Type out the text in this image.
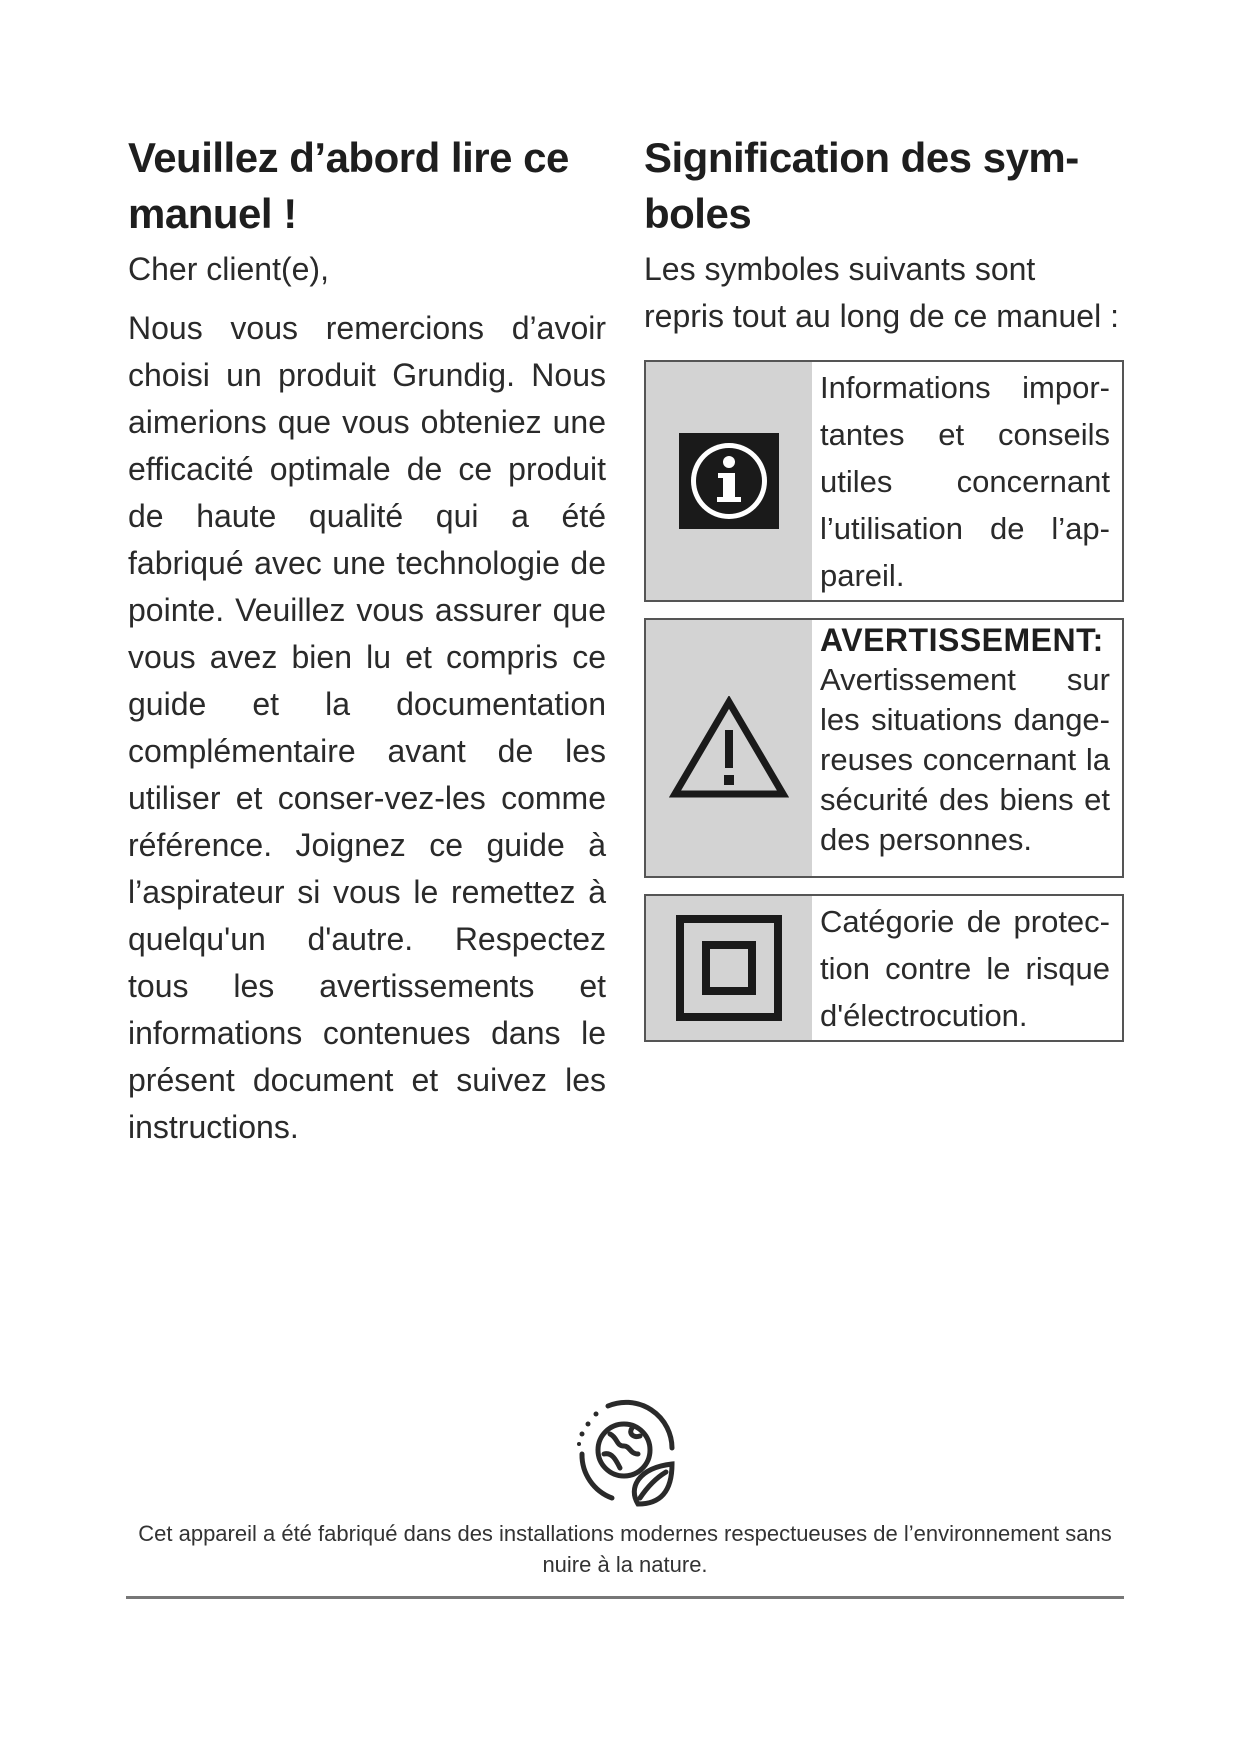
Veuillez d’abord lire ce manuel !

Cher client(e),

Nous vous remercions d’avoir choisi un produit Grundig. Nous aimerions que vous obteniez une efficacité optimale de ce produit de haute qualité qui a été fabriqué avec une technologie de pointe. Veuillez vous assurer que vous avez bien lu et compris ce guide et la documentation complémentaire avant de les utiliser et conser-vez-les comme référence. Joignez ce guide à l’aspirateur si vous le remettez à quelqu'un d'autre. Respectez tous les avertissements et informations contenues dans le présent document et suivez les instructions.

Signification des sym-boles

Les symboles suivants sont repris tout au long de ce manuel :

Informations impor-tantes et conseils utiles concernant l’utilisation de l’ap-pareil.
AVERTISSEMENT:
Avertissement sur les situations dange-reuses concernant la sécurité des biens et des personnes.
Catégorie de protec-tion contre le risque d'électrocution.
Cet appareil a été fabriqué dans des installations modernes respectueuses de l’environnement sans nuire à la nature.
